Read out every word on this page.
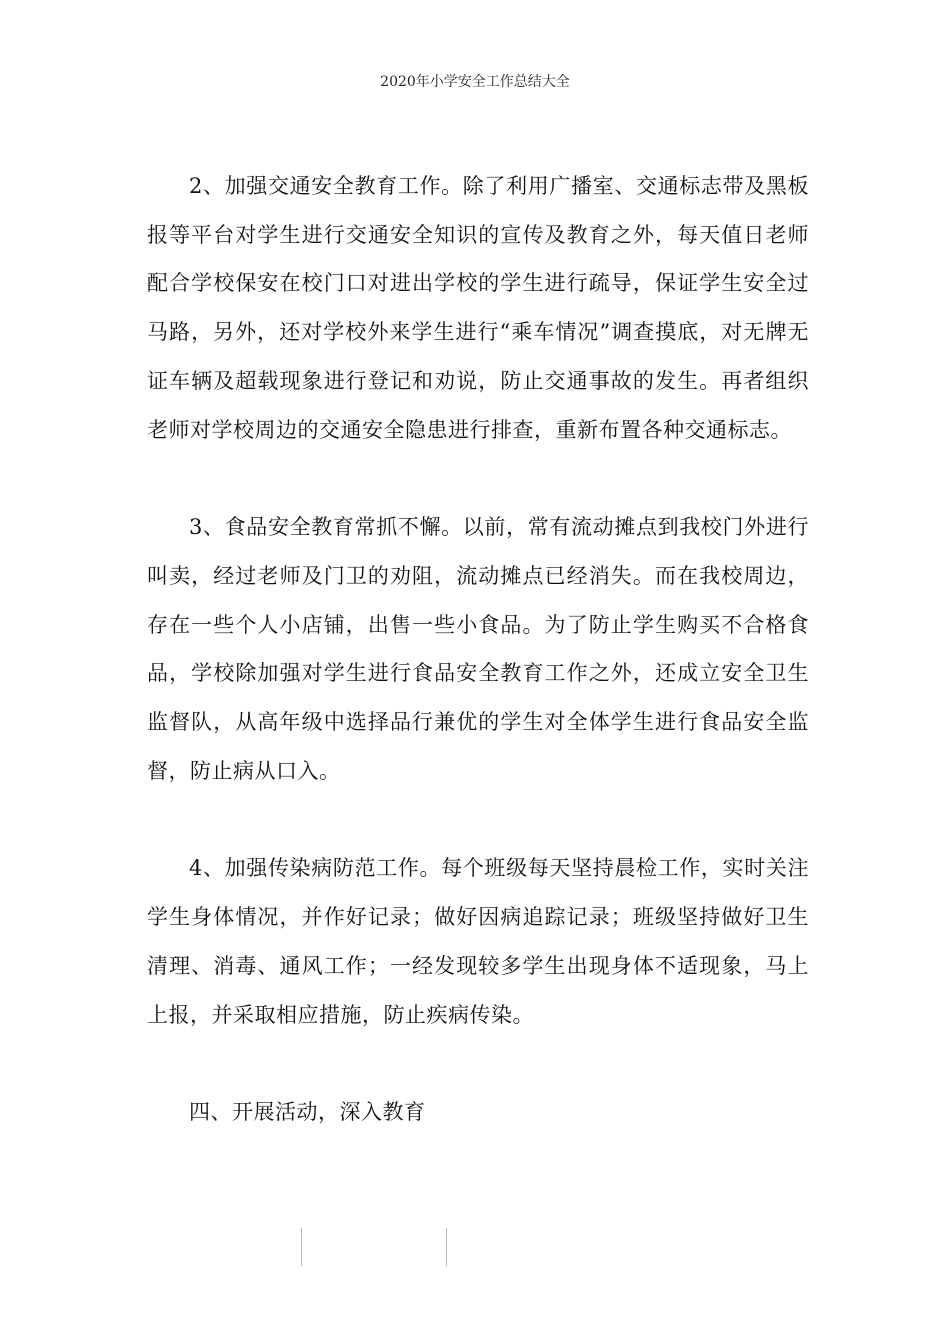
2020年小学安全工作总结大全

2、加强交通安全教育工作。除了利用广播室、交通标志带及黑板报等平台对学生进行交通安全知识的宣传及教育之外，每天值日老师配合学校保安在校门口对进出学校的学生进行疏导，保证学生安全过马路，另外，还对学校外来学生进行“乘车情况”调查摸底，对无牌无证车辆及超载现象进行登记和劝说，防止交通事故的发生。再者组织老师对学校周边的交通安全隐患进行排查，重新布置各种交通标志。

3、食品安全教育常抓不懈。以前，常有流动摊点到我校门外进行叫卖，经过老师及门卫的劝阻，流动摊点已经消失。而在我校周边，存在一些个人小店铺，出售一些小食品。为了防止学生购买不合格食品，学校除加强对学生进行食品安全教育工作之外，还成立安全卫生监督队，从高年级中选择品行兼优的学生对全体学生进行食品安全监督，防止病从口入。

4、加强传染病防范工作。每个班级每天坚持晨检工作，实时关注学生身体情况，并作好记录；做好因病追踪记录；班级坚持做好卫生清理、消毒、通风工作；一经发现较多学生出现身体不适现象，马上上报，并采取相应措施，防止疾病传染。

四、开展活动，深入教育
